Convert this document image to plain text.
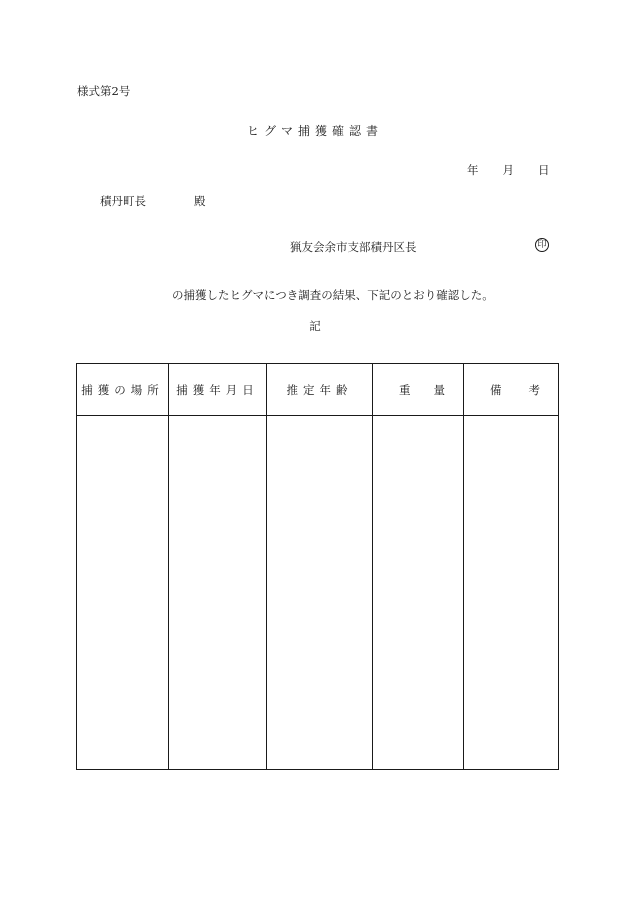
様式第2号
ヒグマ捕獲確認書
年 月 日
積丹町長	殿
猟友会余市支部積丹区長	印
の捕獲したヒグマにつき調査の結果、下記のとおり確認した。
記
捕獲の場所	捕獲年月日	推定年齢	重量	備考
